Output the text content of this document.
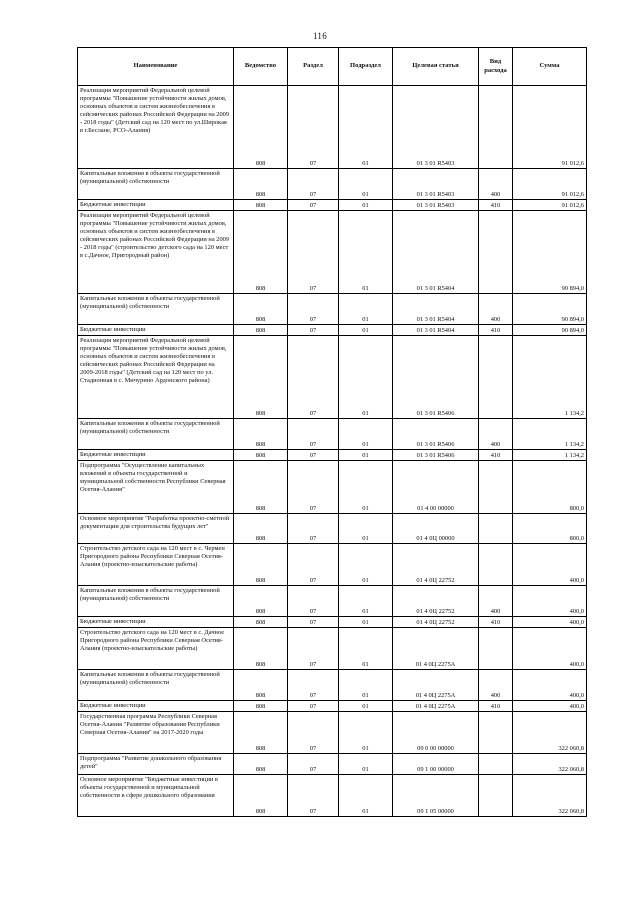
116
Наименование	Ведомство	Раздел	Подраздел	Целевая статья	Вид расхода	Сумма

Реализация мероприятий Федеральной целевой программы "Повышение устойчивости жилых домов, основных объектов и систем жизнеобеспечения в сейсмических районах Российской Федерации на 2009 - 2018 годы" (Детский сад на 120 мест по ул.Широкая в г.Беслане, РСО-Алания)	808	07	01	01 3 01 R5403		91 012,6

Капитальные вложения в объекты государственной (муниципальной) собственности	808	07	01	01 3 01 R5403	400	91 012,6

Бюджетные инвестиции	808	07	01	01 3 01 R5403	410	91 012,6

Реализация мероприятий Федеральной целевой программы "Повышение устойчивости жилых домов, основных объектов и систем жизнеобеспечения в сейсмических районах Российской Федерации на 2009 - 2018 годы" (строительство детского сада на 120 мест в с.Дачное, Пригородный район)	808	07	01	01 3 01 R5404		90 894,0

Капитальные вложения в объекты государственной (муниципальной) собственности	808	07	01	01 3 01 R5404	400	90 894,0

Бюджетные инвестиции	808	07	01	01 3 01 R5404	410	90 894,0

Реализация мероприятий Федеральной целевой программы "Повышение устойчивости жилых домов, основных объектов и систем жизнеобеспечения в сейсмических районах Российской Федерации на 2009-2018 годы" (Детский сад на 120 мест по ул. Стадионная в с. Мичурино Ардонского района)	808	07	01	01 3 01 R5406		1 134,2

Капитальные вложения в объекты государственной (муниципальной) собственности	808	07	01	01 3 01 R5406	400	1 134,2

Бюджетные инвестиции	808	07	01	01 3 01 R5406	410	1 134,2

Подпрограмма "Осуществление капитальных вложений в объекты государственной и муниципальной собственности Республики Северная Осетия-Алания"	808	07	01	01 4 00 00000		800,0

Основное мероприятие "Разработка проектно-сметной документации для строительства будущих лет"	808	07	01	01 4 0Ц 00000		800,0

Строительство детского сада на 120 мест в с. Чермен Пригородного района Республики Северная Осетия-Алания (проектно-изыскательские работы)	808	07	01	01 4 0Ц 22752		400,0

Капитальные вложения в объекты государственной (муниципальной) собственности	808	07	01	01 4 0Ц 22752	400	400,0

Бюджетные инвестиции	808	07	01	01 4 0Ц 22752	410	400,0

Строительство детского сада на 120 мест в с. Дачное Пригородного района Республики Северная Осетия-Алания (проектно-изыскательские работы)	808	07	01	01 4 0Ц 2275А		400,0

Капитальные вложения в объекты государственной (муниципальной) собственности	808	07	01	01 4 0Ц 2275А	400	400,0

Бюджетные инвестиции	808	07	01	01 4 0Ц 2275А	410	400,0

Государственная программа Республики Северная Осетия-Алания "Развитие образования Республики Северная Осетия-Алания" на 2017-2020 годы	808	07	01	09 0 00 00000		322 060,8

Подпрограмма "Развитие дошкольного образования детей"	808	07	01	09 1 00 00000		322 060,8

Основное мероприятие "Бюджетные инвестиции в объекты государственной и муниципальной собственности в сфере дошкольного образования	808	07	01	09 1 05 00000		322 060,8
